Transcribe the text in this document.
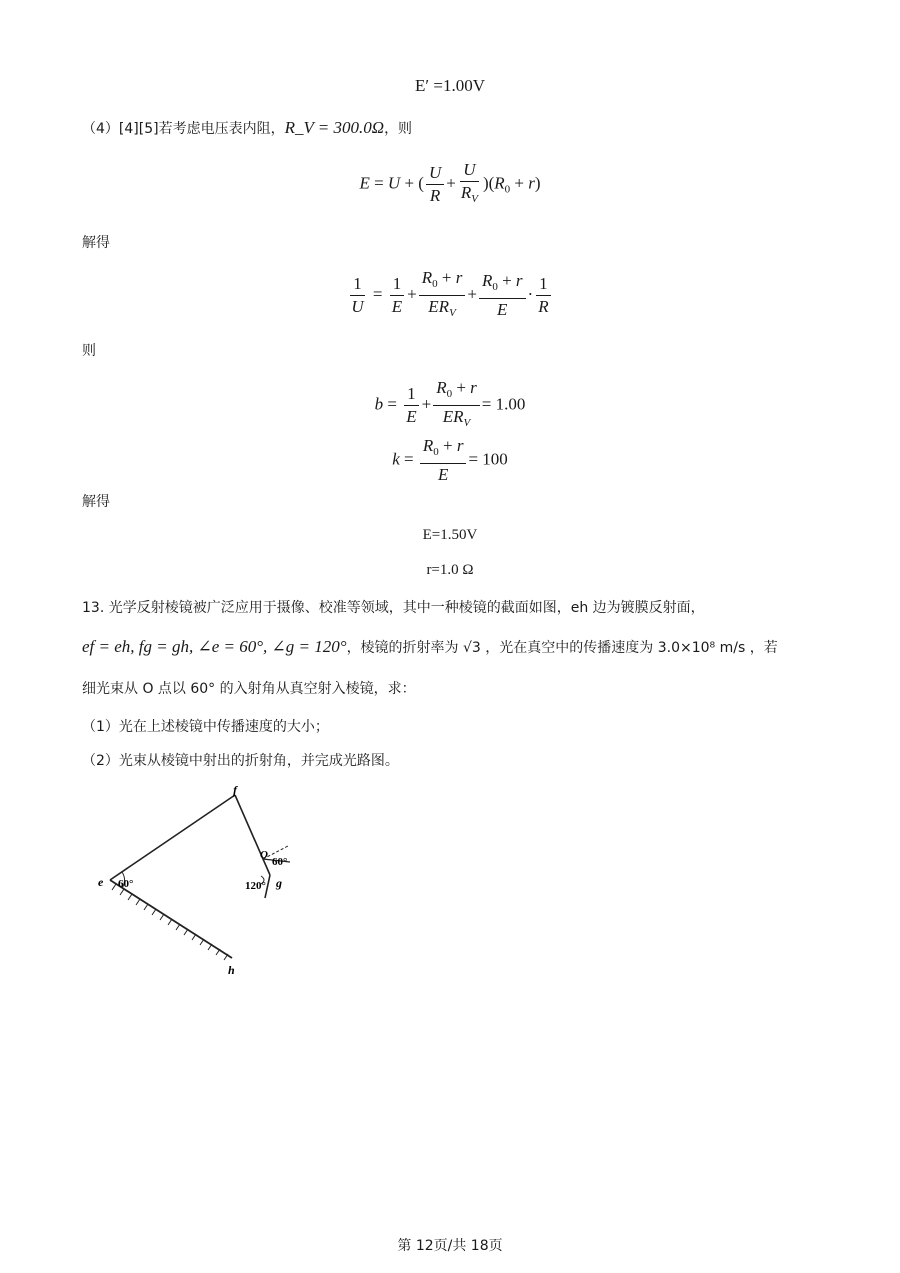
E′ =1.00V
（4）[4][5]若考虑电压表内阻，R_V = 300.0Ω，则
E = U + ( $\frac{U}{R} + \frac{U}{R_V} )(R_0 + r)$
解得
$\frac{1}{U} = \frac{1}{E} + \frac{R_0 + r}{ER_V} + \frac{R_0 + r}{E} \cdot \frac{1}{R}$
则
$b = \frac{1}{E} + \frac{R_0 + r}{ER_V} = 1.00$
$k = \frac{R_0 + r}{E} = 100$
解得
E=1.50V
r=1.0 Ω
13. 光学反射棱镜被广泛应用于摄像、校准等领域，其中一种棱镜的截面如图，eh 边为镀膜反射面，
ef = eh, fg = gh, ∠e = 60°, ∠g = 120°，棱镜的折射率为 √3 ，光在真空中的传播速度为 3.0×10⁸ m/s ，若
细光束从 O 点以 60° 的入射角从真空射入棱镜，求：
（1）光在上述棱镜中传播速度的大小；
（2）光束从棱镜中射出的折射角，并完成光路图。
f
e	g
h
O
60°
60°
120°
第 12页/共 18页
